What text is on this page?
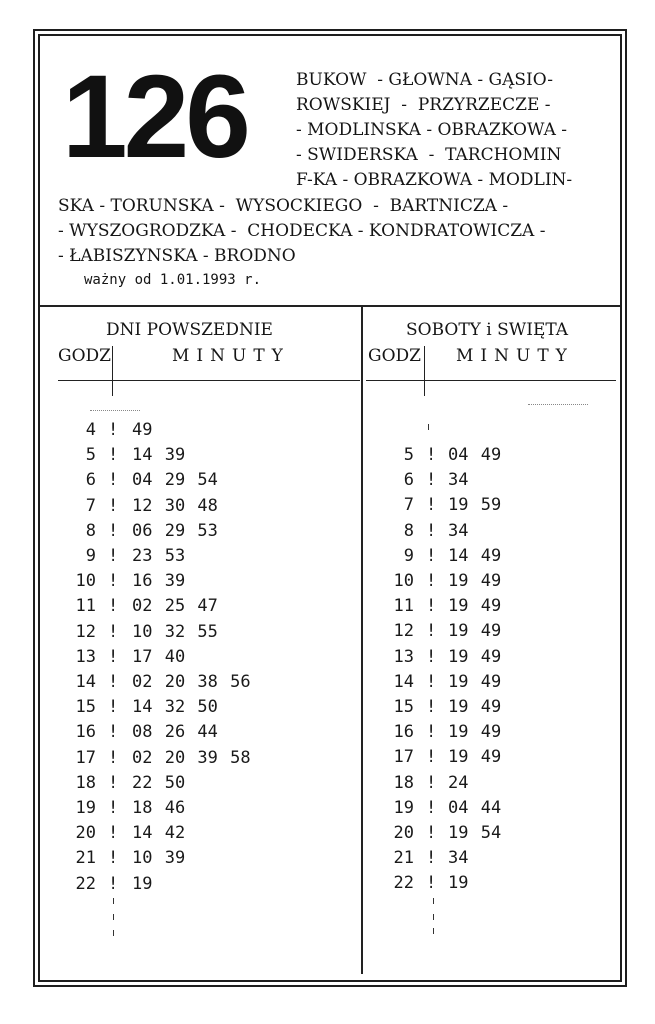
126	BUKOW  - GŁOWNA - GĄSIO-
ROWSKIEJ  -  PRZYRZECZE -
- MODLINSKA - OBRAZKOWA -
- SWIDERSKA  -  TARCHOMIN
F-KA - OBRAZKOWA - MODLIN-
SKA - TORUNSKA -  WYSOCKIEGO  -  BARTNICZA -
- WYSZOGRODZKA -  CHODECKA - KONDRATOWICZA -
- ŁABISZYNSKA - BRODNO
ważny od 1.01.1993 r.
DNI POWSZEDNIE
GODZ	MINUTY
SOBOTY i SWIĘTA
GODZ MINUTY
4 ! 49
5 ! 14 39
6 ! 04 29 54
7 ! 12 30 48
8 ! 06 29 53
9 ! 23 53
10 ! 16 39
11 ! 02 25 47
12 ! 10 32 55
13 ! 17 40
14 ! 02 20 38 56
15 ! 14 32 50
16 ! 08 26 44
17 ! 02 20 39 58
18 ! 22 50
19 ! 18 46
20 ! 14 42
21 ! 10 39
22 ! 19
5 ! 04 49
6 ! 34
7 ! 19 59
8 ! 34
9 ! 14 49
10 ! 19 49
11 ! 19 49
12 ! 19 49
13 ! 19 49
14 ! 19 49
15 ! 19 49
16 ! 19 49
17 ! 19 49
18 ! 24
19 ! 04 44
20 ! 19 54
21 ! 34
22 ! 19
